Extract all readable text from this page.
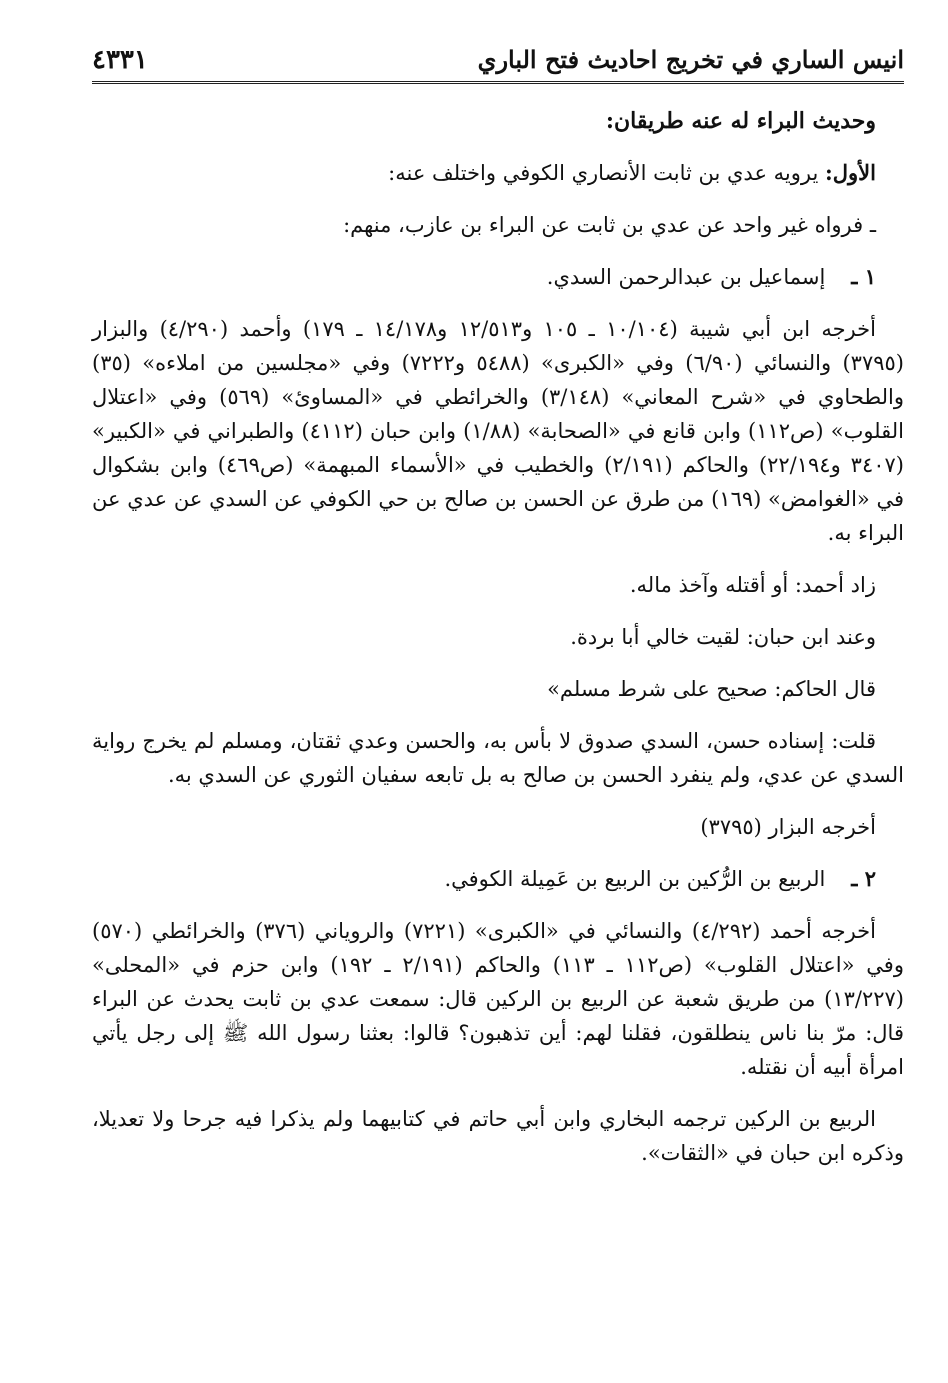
انيس الساري في تخريج احاديث فتح الباري
٤٣٣١

وحديث البراء له عنه طريقان:

الأول: يرويه عدي بن ثابت الأنصاري الكوفي واختلف عنه:

ـ فرواه غير واحد عن عدي بن ثابت عن البراء بن عازب، منهم:

١ ـ إسماعيل بن عبدالرحمن السدي.

أخرجه ابن أبي شيبة (١٠/١٠٤ ـ ١٠٥ و١٢/٥١٣ و١٤/١٧٨ ـ ١٧٩) وأحمد (٤/٢٩٠) والبزار (٣٧٩٥) والنسائي (٦/٩٠) وفي «الكبرى» (٥٤٨٨ و٧٢٢٢) وفي «مجلسين من املاءه» (٣٥) والطحاوي في «شرح المعاني» (٣/١٤٨) والخرائطي في «المساوئ» (٥٦٩) وفي «اعتلال القلوب» (ص١١٢) وابن قانع في «الصحابة» (١/٨٨) وابن حبان (٤١١٢) والطبراني في «الكبير» (٣٤٠٧ و٢٢/١٩٤) والحاكم (٢/١٩١) والخطيب في «الأسماء المبهمة» (ص٤٦٩) وابن بشكوال في «الغوامض» (١٦٩) من طرق عن الحسن بن صالح بن حي الكوفي عن السدي عن عدي عن البراء به.

زاد أحمد: أو أقتله وآخذ ماله.

وعند ابن حبان: لقيت خالي أبا بردة.

قال الحاكم: صحيح على شرط مسلم»

قلت: إسناده حسن، السدي صدوق لا بأس به، والحسن وعدي ثقتان، ومسلم لم يخرج رواية السدي عن عدي، ولم ينفرد الحسن بن صالح به بل تابعه سفيان الثوري عن السدي به.

أخرجه البزار (٣٧٩٥)

٢ ـ الربيع بن الرُّكين بن الربيع بن عَمِيلة الكوفي.

أخرجه أحمد (٤/٢٩٢) والنسائي في «الكبرى» (٧٢٢١) والروياني (٣٧٦) والخرائطي (٥٧٠) وفي «اعتلال القلوب» (ص١١٢ ـ ١١٣) والحاكم (٢/١٩١ ـ ١٩٢) وابن حزم في «المحلى» (١٣/٢٢٧) من طريق شعبة عن الربيع بن الركين قال: سمعت عدي بن ثابت يحدث عن البراء قال: مرّ بنا ناس ينطلقون، فقلنا لهم: أين تذهبون؟ قالوا: بعثنا رسول الله ﷺ إلى رجل يأتي امرأة أبيه أن نقتله.

الربيع بن الركين ترجمه البخاري وابن أبي حاتم في كتابيهما ولم يذكرا فيه جرحا ولا تعديلا، وذكره ابن حبان في «الثقات».
